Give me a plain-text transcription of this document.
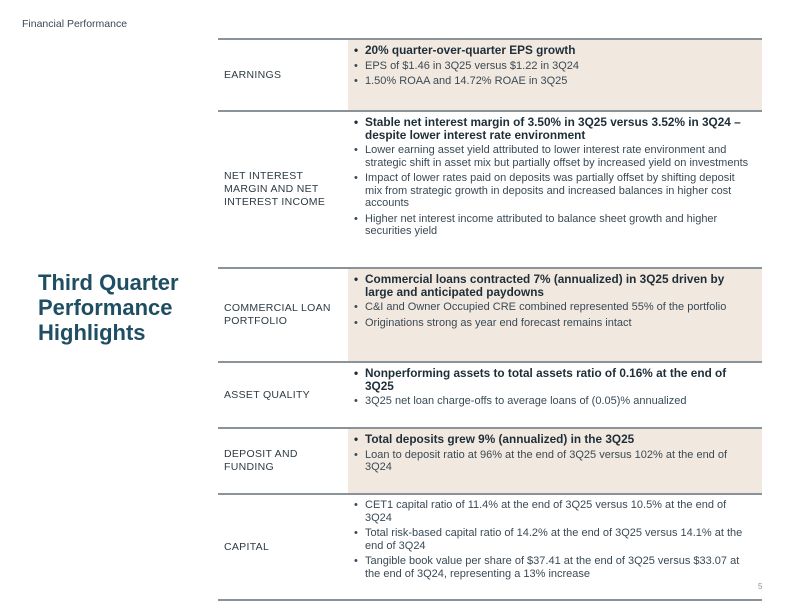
Financial Performance
Third Quarter Performance Highlights
EARNINGS
• 20% quarter-over-quarter EPS growth
• EPS of $1.46 in 3Q25 versus $1.22 in 3Q24
• 1.50% ROAA and 14.72% ROAE in 3Q25
NET INTEREST MARGIN AND NET INTEREST INCOME
• Stable net interest margin of 3.50% in 3Q25 versus 3.52% in 3Q24 – despite lower interest rate environment
• Lower earning asset yield attributed to lower interest rate environment and strategic shift in asset mix but partially offset by increased yield on investments
• Impact of lower rates paid on deposits was partially offset by shifting deposit mix from strategic growth in deposits and increased balances in higher cost accounts
• Higher net interest income attributed to balance sheet growth and higher securities yield
COMMERCIAL LOAN PORTFOLIO
• Commercial loans contracted 7% (annualized) in 3Q25 driven by large and anticipated paydowns
• C&I and Owner Occupied CRE combined represented 55% of the portfolio
• Originations strong as year end forecast remains intact
ASSET QUALITY
• Nonperforming assets to total assets ratio of 0.16% at the end of 3Q25
• 3Q25 net loan charge-offs to average loans of (0.05)% annualized
DEPOSIT AND FUNDING
• Total deposits grew 9% (annualized) in the 3Q25
• Loan to deposit ratio at 96% at the end of 3Q25 versus 102% at the end of 3Q24
CAPITAL
• CET1 capital ratio of 11.4% at the end of 3Q25 versus 10.5% at the end of 3Q24
• Total risk-based capital ratio of 14.2% at the end of 3Q25 versus 14.1% at the end of 3Q24
• Tangible book value per share of $37.41 at the end of 3Q25 versus $33.07 at the end of 3Q24, representing a 13% increase
5
